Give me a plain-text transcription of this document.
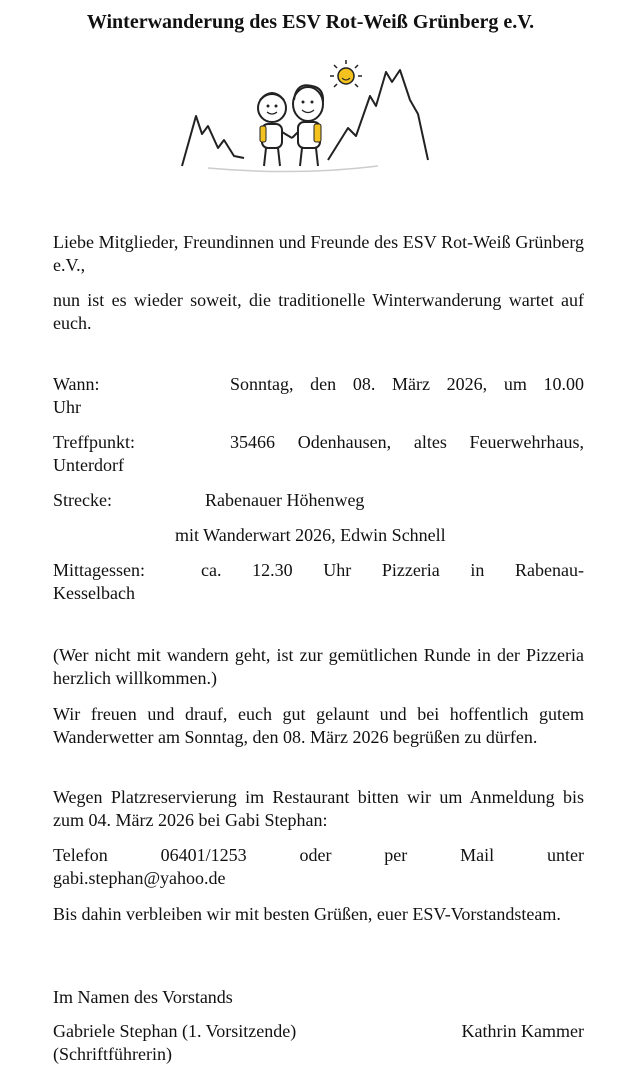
Winterwanderung des ESV Rot-Weiß Grünberg e.V.

Liebe Mitglieder, Freundinnen und Freunde des ESV Rot-Weiß Grünberg e.V.,

nun ist es wieder soweit, die traditionelle Winterwanderung wartet auf euch.

Wann:	Sonntag, den 08. März 2026, um 10.00
Uhr
Treffpunkt:	35466 Odenhausen, altes Feuerwehrhaus,
Unterdorf
Strecke:	Rabenauer Höhenweg
mit Wanderwart 2026, Edwin Schnell
Mittagessen:	ca. 12.30 Uhr Pizzeria in Rabenau-
Kesselbach

(Wer nicht mit wandern geht, ist zur gemütlichen Runde in der Pizzeria herzlich willkommen.)

Wir freuen und drauf, euch gut gelaunt und bei hoffentlich gutem Wanderwetter am Sonntag, den 08. März 2026 begrüßen zu dürfen.

Wegen Platzreservierung im Restaurant bitten wir um Anmeldung bis zum 04. März 2026 bei Gabi Stephan:

Telefon	06401/1253	oder	per	Mail	unter
gabi.stephan@yahoo.de

Bis dahin verbleiben wir mit besten Grüßen, euer ESV-Vorstandsteam.

Im Namen des Vorstands
Gabriele Stephan (1. Vorsitzende)	Kathrin Kammer
(Schriftführerin)
